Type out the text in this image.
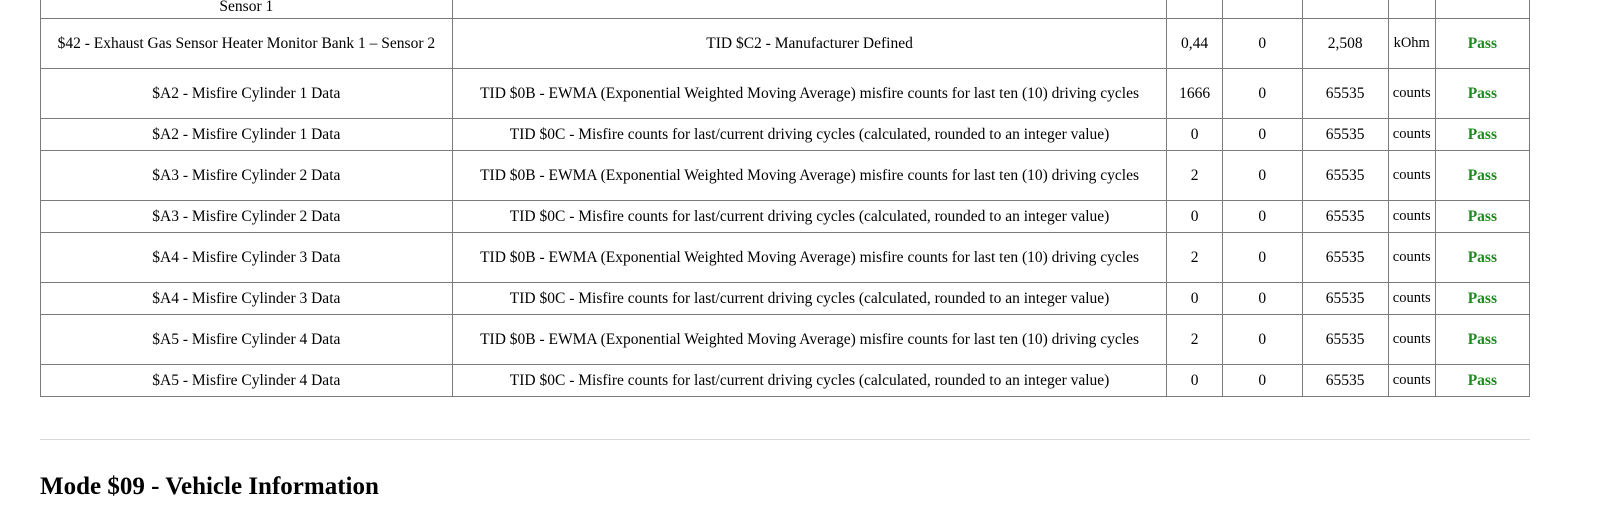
Sensor 1						
$42 - Exhaust Gas Sensor Heater Monitor Bank 1 – Sensor 2	TID $C2 - Manufacturer Defined	0,44	0	2,508	kOhm	Pass
$A2 - Misfire Cylinder 1 Data	TID $0B - EWMA (Exponential Weighted Moving Average) misfire counts for last ten (10) driving cycles	1666	0	65535	counts	Pass
$A2 - Misfire Cylinder 1 Data	TID $0C - Misfire counts for last/current driving cycles (calculated, rounded to an integer value)	0	0	65535	counts	Pass
$A3 - Misfire Cylinder 2 Data	TID $0B - EWMA (Exponential Weighted Moving Average) misfire counts for last ten (10) driving cycles	2	0	65535	counts	Pass
$A3 - Misfire Cylinder 2 Data	TID $0C - Misfire counts for last/current driving cycles (calculated, rounded to an integer value)	0	0	65535	counts	Pass
$A4 - Misfire Cylinder 3 Data	TID $0B - EWMA (Exponential Weighted Moving Average) misfire counts for last ten (10) driving cycles	2	0	65535	counts	Pass
$A4 - Misfire Cylinder 3 Data	TID $0C - Misfire counts for last/current driving cycles (calculated, rounded to an integer value)	0	0	65535	counts	Pass
$A5 - Misfire Cylinder 4 Data	TID $0B - EWMA (Exponential Weighted Moving Average) misfire counts for last ten (10) driving cycles	2	0	65535	counts	Pass
$A5 - Misfire Cylinder 4 Data	TID $0C - Misfire counts for last/current driving cycles (calculated, rounded to an integer value)	0	0	65535	counts	Pass
Mode $09 - Vehicle Information
